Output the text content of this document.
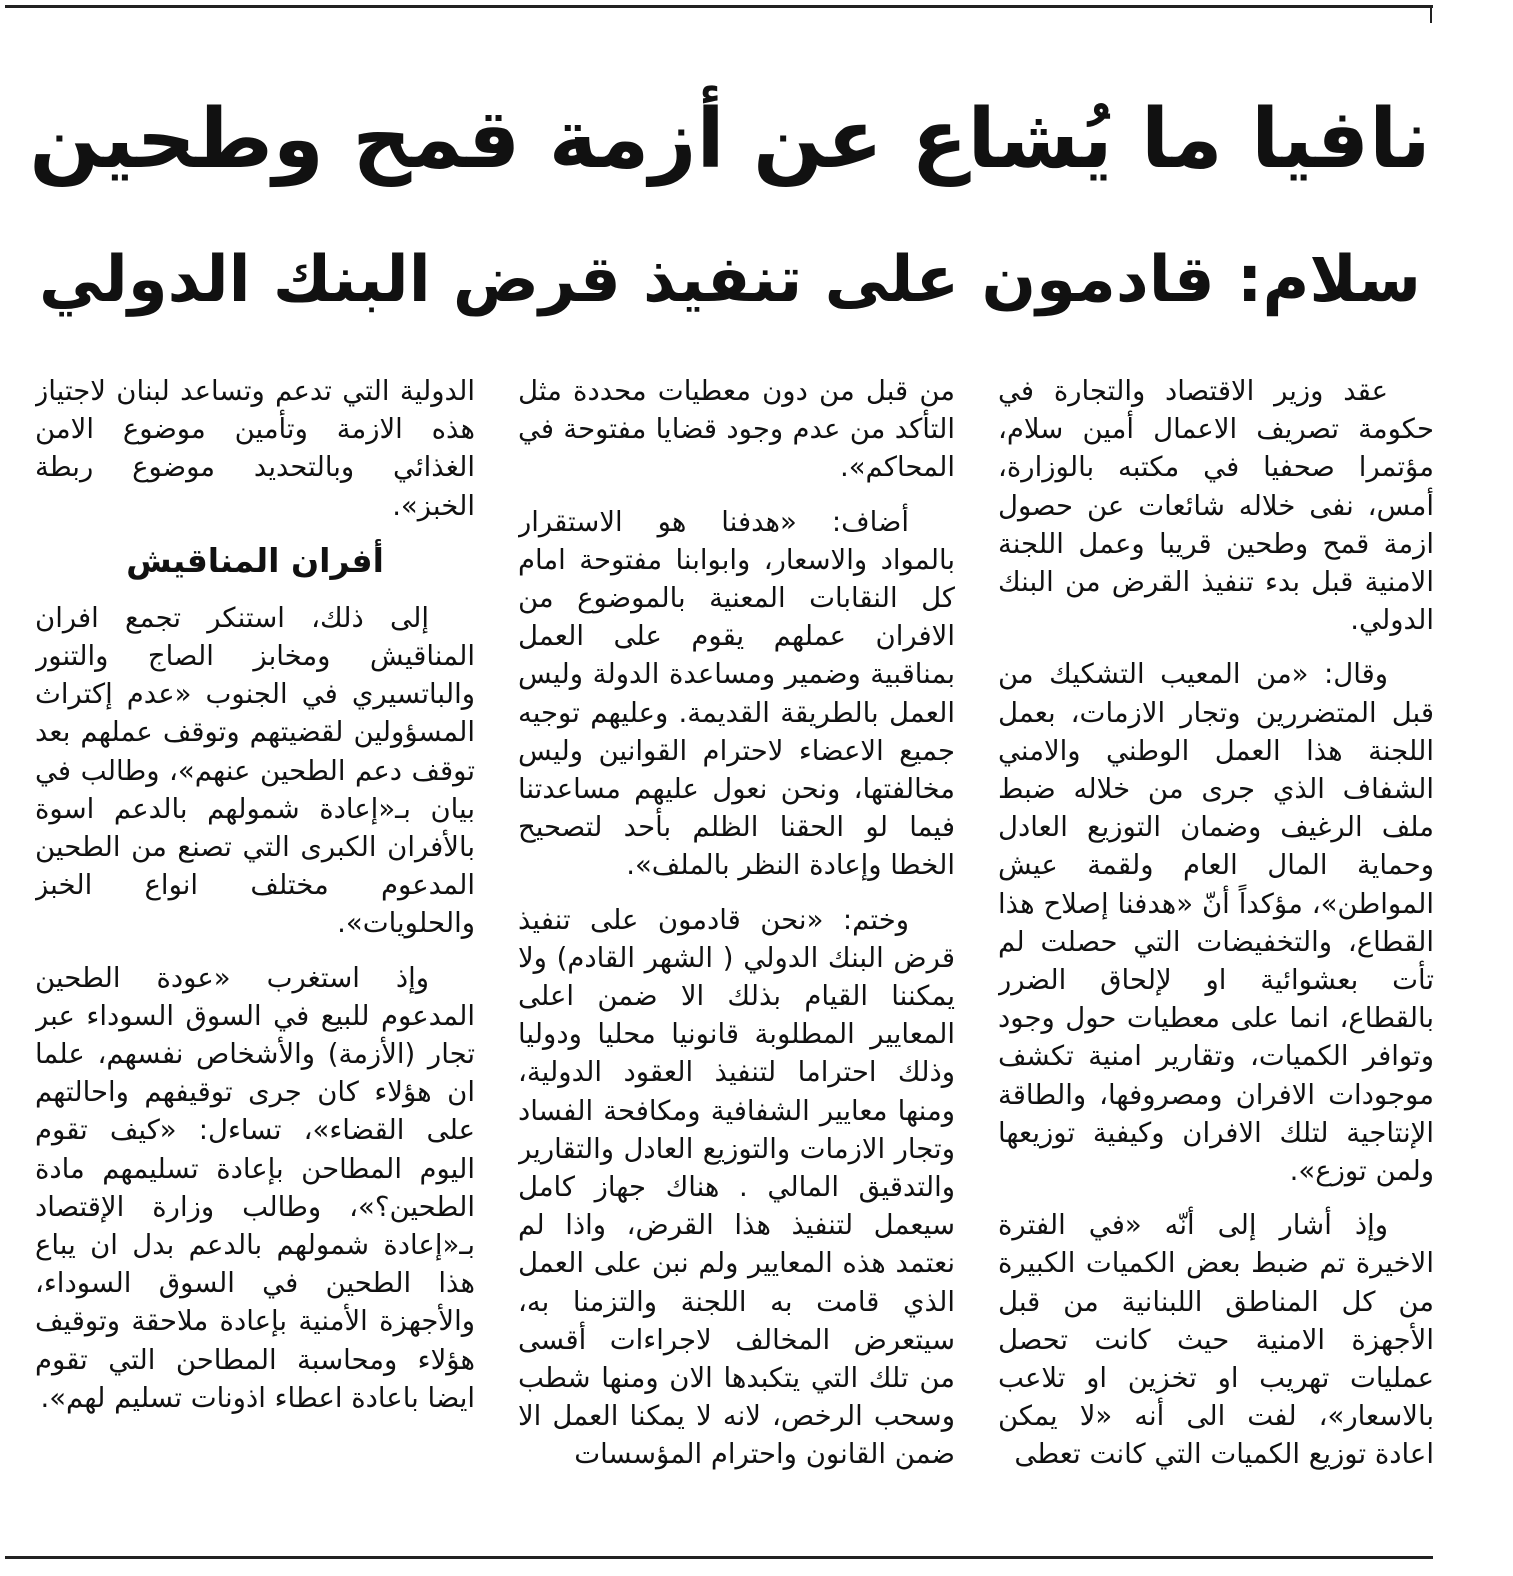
نافيا ما يُشاع عن أزمة قمح وطحين
سلام: قادمون على تنفيذ قرض البنك الدولي

عقد وزير الاقتصاد والتجارة في حكومة تصريف الاعمال أمين سلام، مؤتمرا صحفيا في مكتبه بالوزارة، أمس، نفى خلاله شائعات عن حصول ازمة قمح وطحين قريبا وعمل اللجنة الامنية قبل بدء تنفيذ القرض من البنك الدولي.

وقال: «من المعيب التشكيك من قبل المتضررين وتجار الازمات، بعمل اللجنة هذا العمل الوطني والامني الشفاف الذي جرى من خلاله ضبط ملف الرغيف وضمان التوزيع العادل وحماية المال العام ولقمة عيش المواطن»، مؤكداً أنّ «هدفنا إصلاح هذا القطاع، والتخفيضات التي حصلت لم تأت بعشوائية او لإلحاق الضرر بالقطاع، انما على معطيات حول وجود وتوافر الكميات، وتقارير امنية تكشف موجودات الافران ومصروفها، والطاقة الإنتاجية لتلك الافران وكيفية توزيعها ولمن توزع».

وإذ أشار إلى أنّه «في الفترة الاخيرة تم ضبط بعض الكميات الكبيرة من كل المناطق اللبنانية من قبل الأجهزة الامنية حيث كانت تحصل عمليات تهريب او تخزين او تلاعب بالاسعار»، لفت الى أنه «لا يمكن اعادة توزيع الكميات التي كانت تعطى

من قبل من دون معطيات محددة مثل التأكد من عدم وجود قضايا مفتوحة في المحاكم».

أضاف: «هدفنا هو الاستقرار بالمواد والاسعار، وابوابنا مفتوحة امام كل النقابات المعنية بالموضوع من الافران عملهم يقوم على العمل بمناقبية وضمير ومساعدة الدولة وليس العمل بالطريقة القديمة. وعليهم توجيه جميع الاعضاء لاحترام القوانين وليس مخالفتها، ونحن نعول عليهم مساعدتنا فيما لو الحقنا الظلم بأحد لتصحيح الخطا وإعادة النظر بالملف».

وختم: «نحن قادمون على تنفيذ قرض البنك الدولي ( الشهر القادم) ولا يمكننا القيام بذلك الا ضمن اعلى المعايير المطلوبة قانونيا محليا ودوليا وذلك احتراما لتنفيذ العقود الدولية، ومنها معايير الشفافية ومكافحة الفساد وتجار الازمات والتوزيع العادل والتقارير والتدقيق المالي . هناك جهاز كامل سيعمل لتنفيذ هذا القرض، واذا لم نعتمد هذه المعايير ولم نبن على العمل الذي قامت به اللجنة والتزمنا به، سيتعرض المخالف لاجراءات أقسى من تلك التي يتكبدها الان ومنها شطب وسحب الرخص، لانه لا يمكنا العمل الا ضمن القانون واحترام المؤسسات

الدولية التي تدعم وتساعد لبنان لاجتياز هذه الازمة وتأمين موضوع الامن الغذائي وبالتحديد موضوع ربطة الخبز».

أفران المناقيش

إلى ذلك، استنكر تجمع افران المناقيش ومخابز الصاج والتنور والباتسيري في الجنوب «عدم إكتراث المسؤولين لقضيتهم وتوقف عملهم بعد توقف دعم الطحين عنهم»، وطالب في بيان بـ«إعادة شمولهم بالدعم اسوة بالأفران الكبرى التي تصنع من الطحين المدعوم مختلف انواع الخبز والحلويات».

وإذ استغرب «عودة الطحين المدعوم للبيع في السوق السوداء عبر تجار (الأزمة) والأشخاص نفسهم، علما ان هؤلاء كان جرى توقيفهم واحالتهم على القضاء»، تساءل: «كيف تقوم اليوم المطاحن بإعادة تسليمهم مادة الطحين؟»، وطالب وزارة الإقتصاد بـ«إعادة شمولهم بالدعم بدل ان يباع هذا الطحين في السوق السوداء، والأجهزة الأمنية بإعادة ملاحقة وتوقيف هؤلاء ومحاسبة المطاحن التي تقوم ايضا باعادة اعطاء اذونات تسليم لهم».
